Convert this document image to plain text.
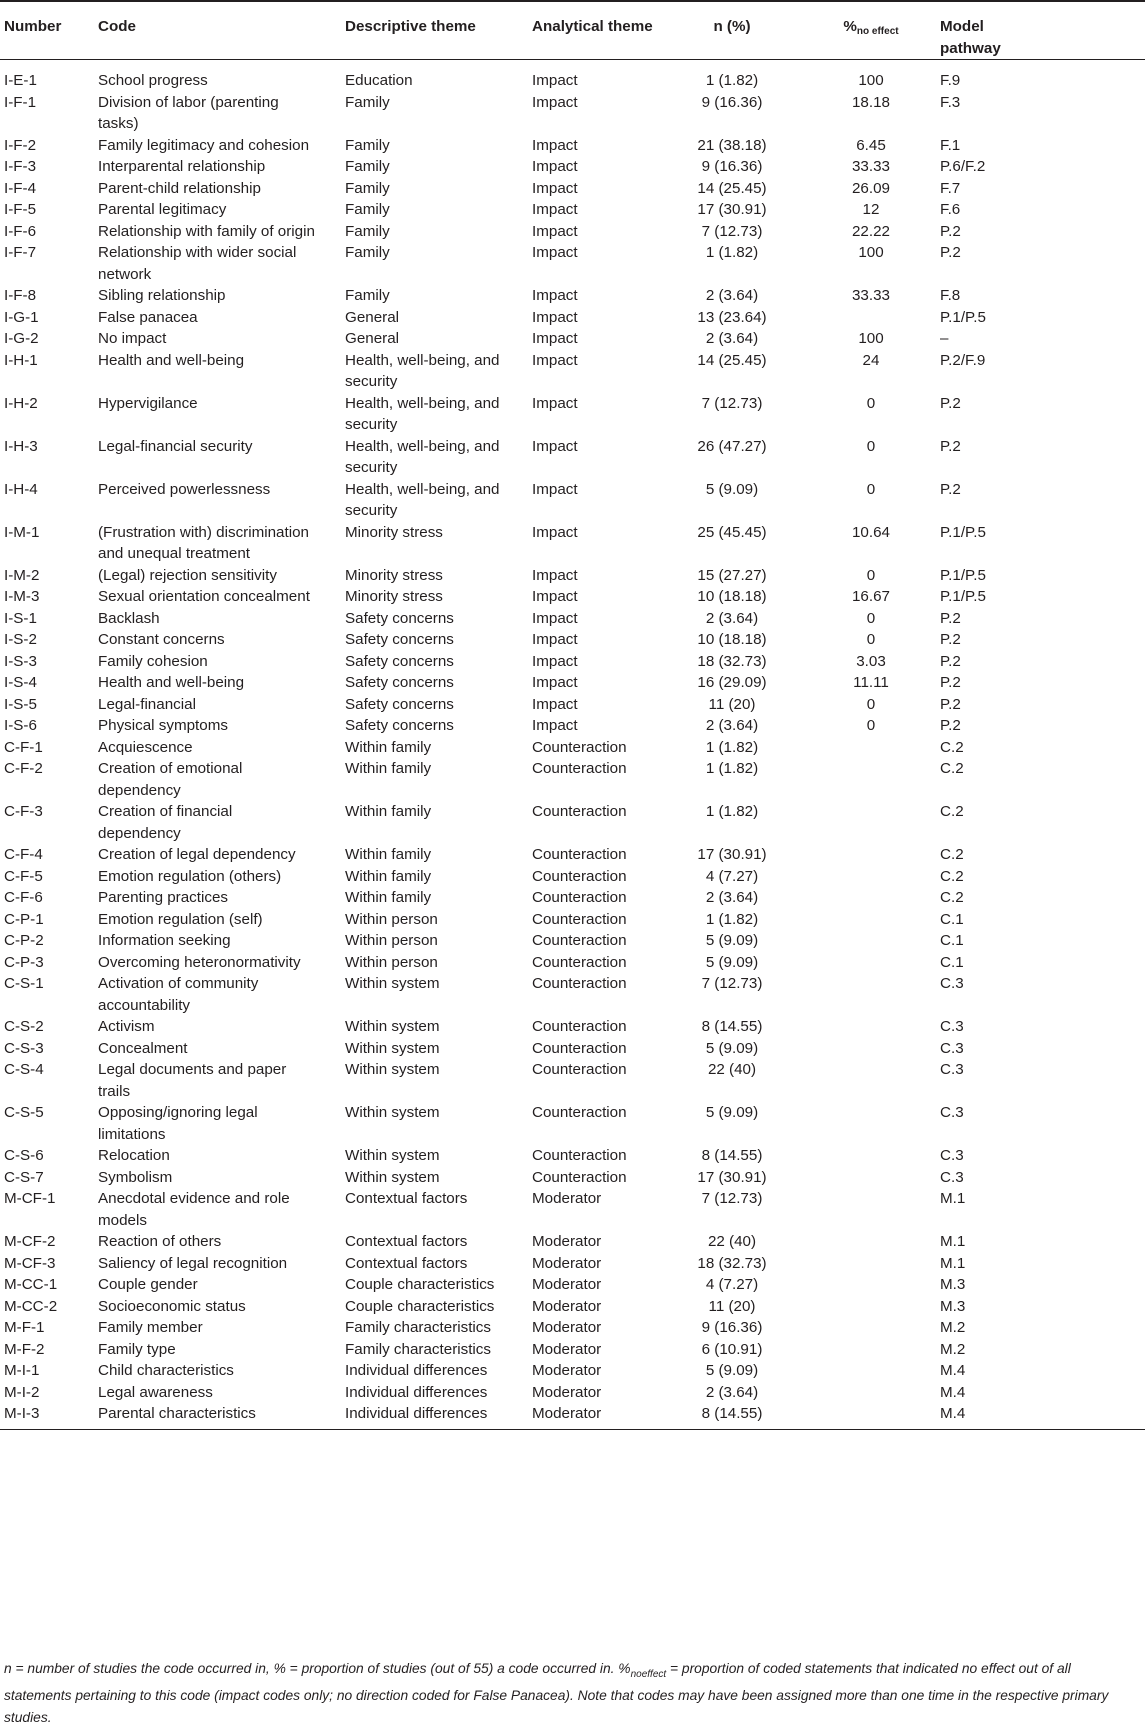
Number	Code	Descriptive theme	Analytical theme	n (%)	$\%_{no effect}$	Model pathway

I-E-1	School progress	Education	Impact	1 (1.82)	100	F.9
I-F-1	Division of labor (parenting tasks)	Family	Impact	9 (16.36)	18.18	F.3
I-F-2	Family legitimacy and cohesion	Family	Impact	21 (38.18)	6.45	F.1
I-F-3	Interparental relationship	Family	Impact	9 (16.36)	33.33	P.6/F.2
I-F-4	Parent-child relationship	Family	Impact	14 (25.45)	26.09	F.7
I-F-5	Parental legitimacy	Family	Impact	17 (30.91)	12	F.6
I-F-6	Relationship with family of origin	Family	Impact	7 (12.73)	22.22	P.2
I-F-7	Relationship with wider social network	Family	Impact	1 (1.82)	100	P.2
I-F-8	Sibling relationship	Family	Impact	2 (3.64)	33.33	F.8
I-G-1	False panacea	General	Impact	13 (23.64)		P.1/P.5
I-G-2	No impact	General	Impact	2 (3.64)	100	–
I-H-1	Health and well-being	Health, well-being, and security	Impact	14 (25.45)	24	P.2/F.9
I-H-2	Hypervigilance	Health, well-being, and security	Impact	7 (12.73)	0	P.2
I-H-3	Legal-financial security	Health, well-being, and security	Impact	26 (47.27)	0	P.2
I-H-4	Perceived powerlessness	Health, well-being, and security	Impact	5 (9.09)	0	P.2
I-M-1	(Frustration with) discrimination and unequal treatment	Minority stress	Impact	25 (45.45)	10.64	P.1/P.5
I-M-2	(Legal) rejection sensitivity	Minority stress	Impact	15 (27.27)	0	P.1/P.5
I-M-3	Sexual orientation concealment	Minority stress	Impact	10 (18.18)	16.67	P.1/P.5
I-S-1	Backlash	Safety concerns	Impact	2 (3.64)	0	P.2
I-S-2	Constant concerns	Safety concerns	Impact	10 (18.18)	0	P.2
I-S-3	Family cohesion	Safety concerns	Impact	18 (32.73)	3.03	P.2
I-S-4	Health and well-being	Safety concerns	Impact	16 (29.09)	11.11	P.2
I-S-5	Legal-financial	Safety concerns	Impact	11 (20)	0	P.2
I-S-6	Physical symptoms	Safety concerns	Impact	2 (3.64)	0	P.2
C-F-1	Acquiescence	Within family	Counteraction	1 (1.82)		C.2
C-F-2	Creation of emotional dependency	Within family	Counteraction	1 (1.82)		C.2
C-F-3	Creation of financial dependency	Within family	Counteraction	1 (1.82)		C.2
C-F-4	Creation of legal dependency	Within family	Counteraction	17 (30.91)		C.2
C-F-5	Emotion regulation (others)	Within family	Counteraction	4 (7.27)		C.2
C-F-6	Parenting practices	Within family	Counteraction	2 (3.64)		C.2
C-P-1	Emotion regulation (self)	Within person	Counteraction	1 (1.82)		C.1
C-P-2	Information seeking	Within person	Counteraction	5 (9.09)		C.1
C-P-3	Overcoming heteronormativity	Within person	Counteraction	5 (9.09)		C.1
C-S-1	Activation of community accountability	Within system	Counteraction	7 (12.73)		C.3
C-S-2	Activism	Within system	Counteraction	8 (14.55)		C.3
C-S-3	Concealment	Within system	Counteraction	5 (9.09)		C.3
C-S-4	Legal documents and paper trails	Within system	Counteraction	22 (40)		C.3
C-S-5	Opposing/ignoring legal limitations	Within system	Counteraction	5 (9.09)		C.3
C-S-6	Relocation	Within system	Counteraction	8 (14.55)		C.3
C-S-7	Symbolism	Within system	Counteraction	17 (30.91)		C.3
M-CF-1	Anecdotal evidence and role models	Contextual factors	Moderator	7 (12.73)		M.1
M-CF-2	Reaction of others	Contextual factors	Moderator	22 (40)		M.1
M-CF-3	Saliency of legal recognition	Contextual factors	Moderator	18 (32.73)		M.1
M-CC-1	Couple gender	Couple characteristics	Moderator	4 (7.27)		M.3
M-CC-2	Socioeconomic status	Couple characteristics	Moderator	11 (20)		M.3
M-F-1	Family member	Family characteristics	Moderator	9 (16.36)		M.2
M-F-2	Family type	Family characteristics	Moderator	6 (10.91)		M.2
M-I-1	Child characteristics	Individual differences	Moderator	5 (9.09)		M.4
M-I-2	Legal awareness	Individual differences	Moderator	2 (3.64)		M.4
M-I-3	Parental characteristics	Individual differences	Moderator	8 (14.55)		M.4
n = number of studies the code occurred in, % = proportion of studies (out of 55) a code occurred in. $\%_{noeffect}$ = proportion of coded statements that indicated no effect out of all statements pertaining to this code (impact codes only; no direction coded for False Panacea). Note that codes may have been assigned more than one time in the respective primary studies.
